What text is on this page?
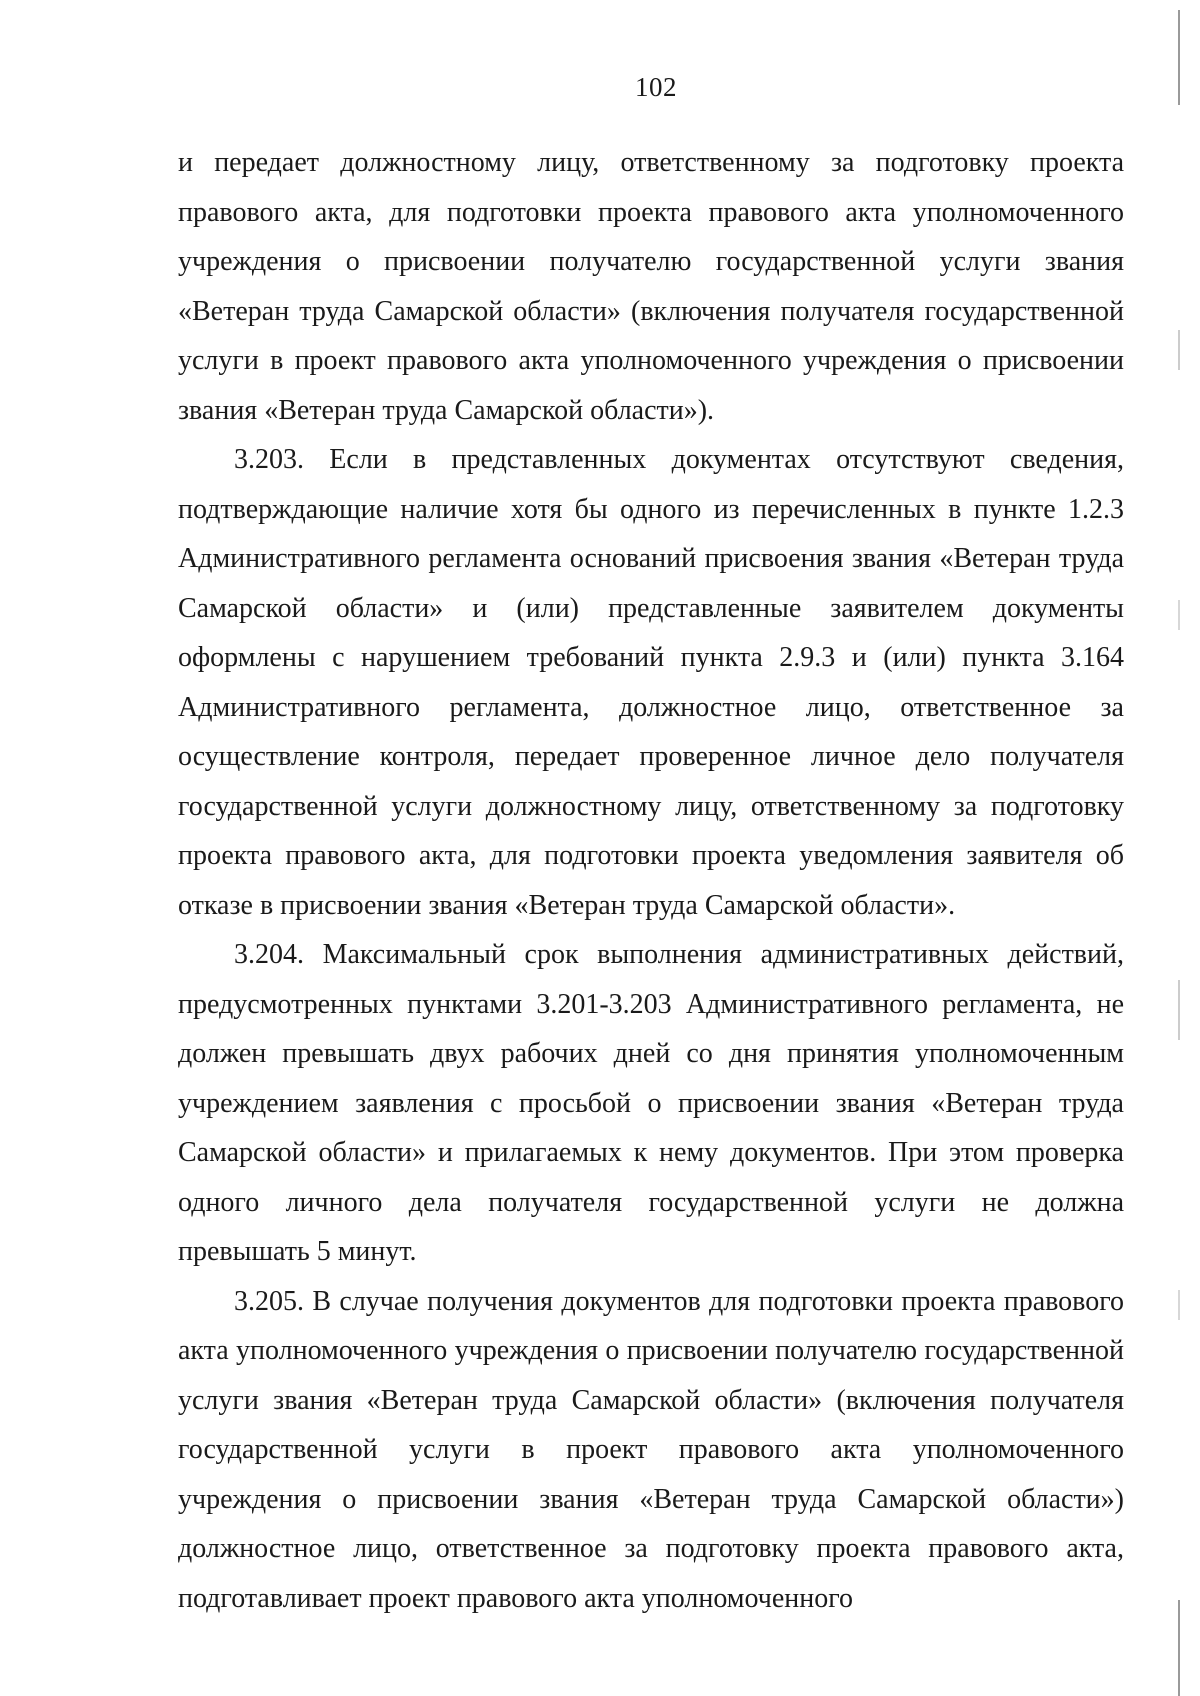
102

и передает должностному лицу, ответственному за подготовку проекта правового акта, для подготовки проекта правового акта уполномоченного учреждения о присвоении получателю государственной услуги звания «Ветеран труда Самарской области» (включения получателя государственной услуги в проект правового акта уполномоченного учреждения о присвоении звания «Ветеран труда Самарской области»).

3.203. Если в представленных документах отсутствуют сведения, подтверждающие наличие хотя бы одного из перечисленных в пункте 1.2.3 Административного регламента оснований присвоения звания «Ветеран труда Самарской области» и (или) представленные заявителем документы оформлены с нарушением требований пункта 2.9.3 и (или) пункта 3.164 Административного регламента, должностное лицо, ответственное за осуществление контроля, передает проверенное личное дело получателя государственной услуги должностному лицу, ответственному за подготовку проекта правового акта, для подготовки проекта уведомления заявителя об отказе в присвоении звания «Ветеран труда Самарской области».

3.204. Максимальный срок выполнения административных действий, предусмотренных пунктами 3.201-3.203 Административного регламента, не должен превышать двух рабочих дней со дня принятия уполномоченным учреждением заявления с просьбой о присвоении звания «Ветеран труда Самарской области» и прилагаемых к нему документов. При этом проверка одного личного дела получателя государственной услуги не должна превышать 5 минут.

3.205. В случае получения документов для подготовки проекта правового акта уполномоченного учреждения о присвоении получателю государственной услуги звания «Ветеран труда Самарской области» (включения получателя государственной услуги в проект правового акта уполномоченного учреждения о присвоении звания «Ветеран труда Самарской области») должностное лицо, ответственное за подготовку проекта правового акта, подготавливает проект правового акта уполномоченного
